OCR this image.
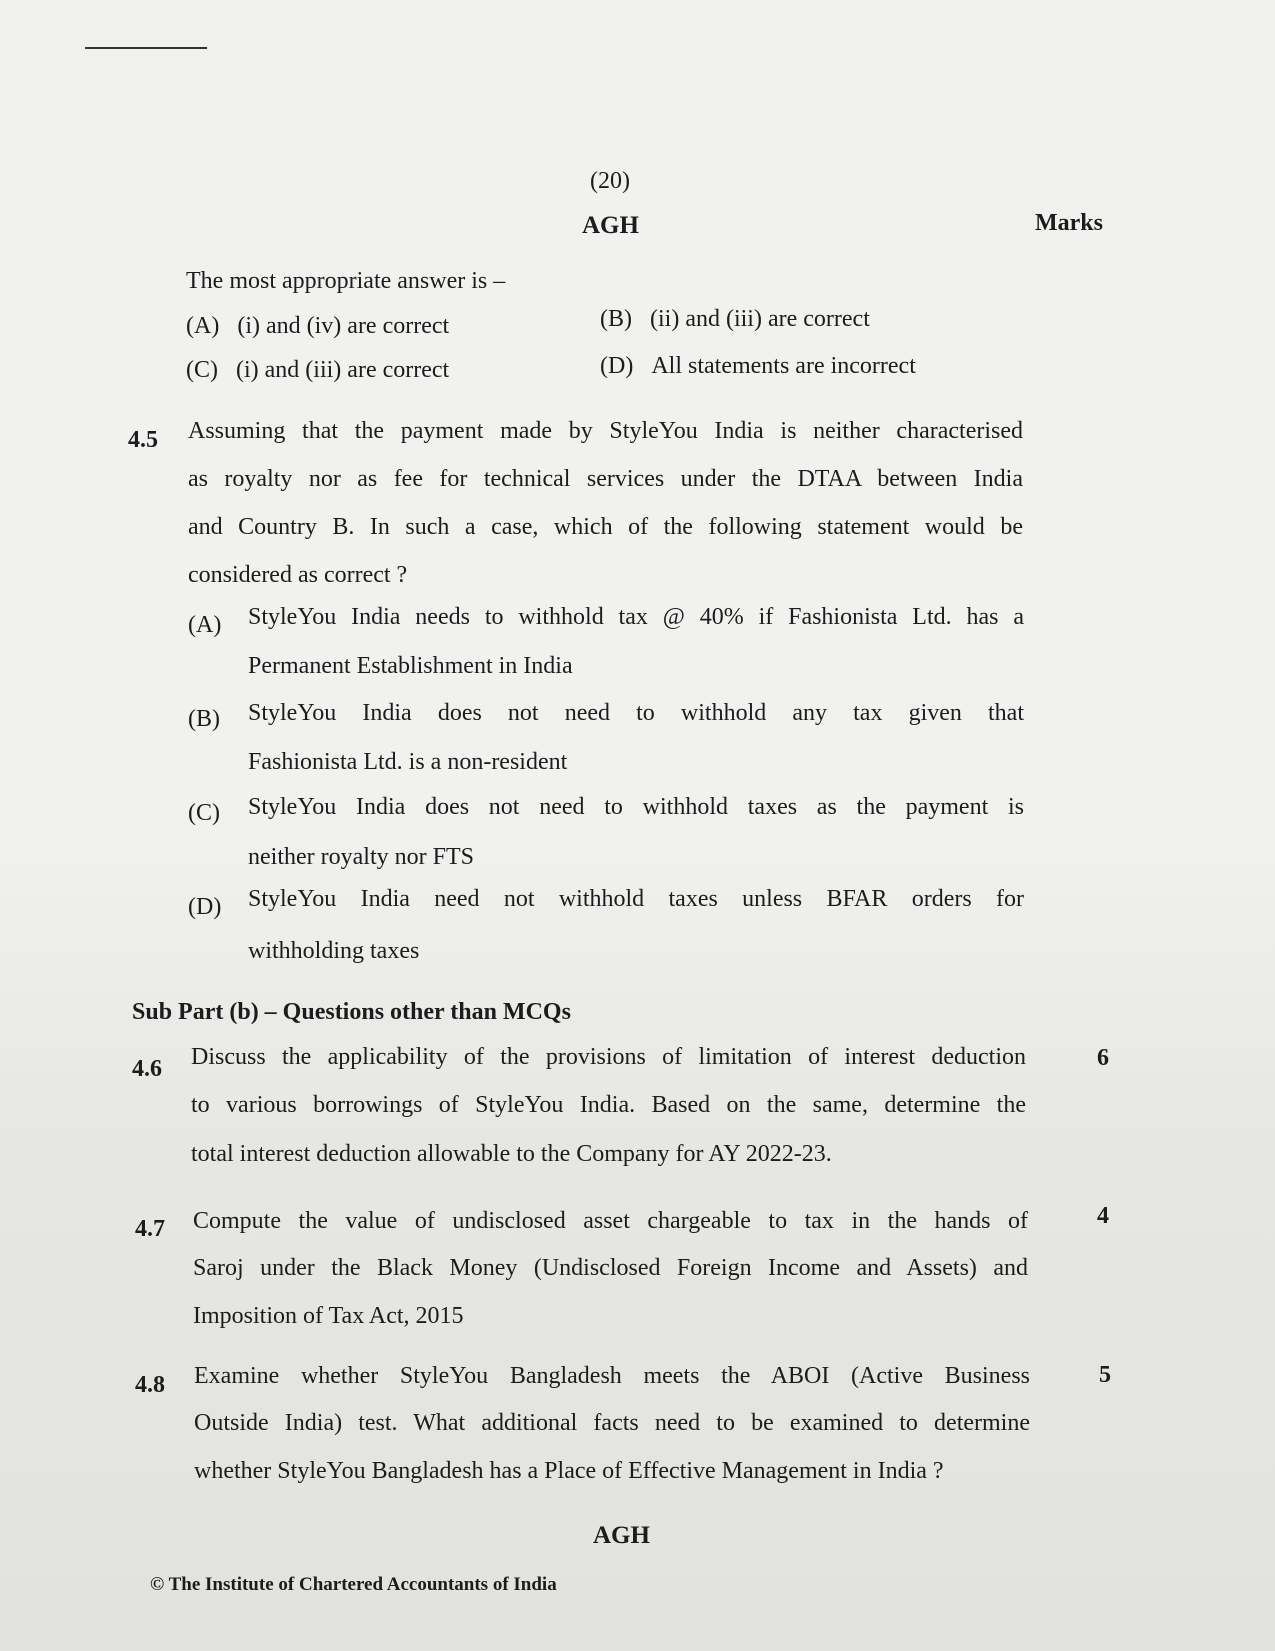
(20)
AGH	Marks
The most appropriate answer is –
(A) (i) and (iv) are correct	(B) (ii) and (iii) are correct
(C) (i) and (iii) are correct	(D) All statements are incorrect
4.5 Assuming that the payment made by StyleYou India is neither characterised
as royalty nor as fee for technical services under the DTAA between India
and Country B. In such a case, which of the following statement would be
considered as correct ?
(A) StyleYou India needs to withhold tax @ 40% if Fashionista Ltd. has a
Permanent Establishment in India
(B) StyleYou India does not need to withhold any tax given that
Fashionista Ltd. is a non-resident
(C) StyleYou India does not need to withhold taxes as the payment is
neither royalty nor FTS
(D) StyleYou India need not withhold taxes unless BFAR orders for
withholding taxes
Sub Part (b) – Questions other than MCQs
4.6	6
Discuss the applicability of the provisions of limitation of interest deduction
to various borrowings of StyleYou India. Based on the same, determine the
total interest deduction allowable to the Company for AY 2022-23.
4.7	4
Compute the value of undisclosed asset chargeable to tax in the hands of
Saroj under the Black Money (Undisclosed Foreign Income and Assets) and
Imposition of Tax Act, 2015
4.8	5
Examine whether StyleYou Bangladesh meets the ABOI (Active Business
Outside India) test. What additional facts need to be examined to determine
whether StyleYou Bangladesh has a Place of Effective Management in India ?
AGH
© The Institute of Chartered Accountants of India
